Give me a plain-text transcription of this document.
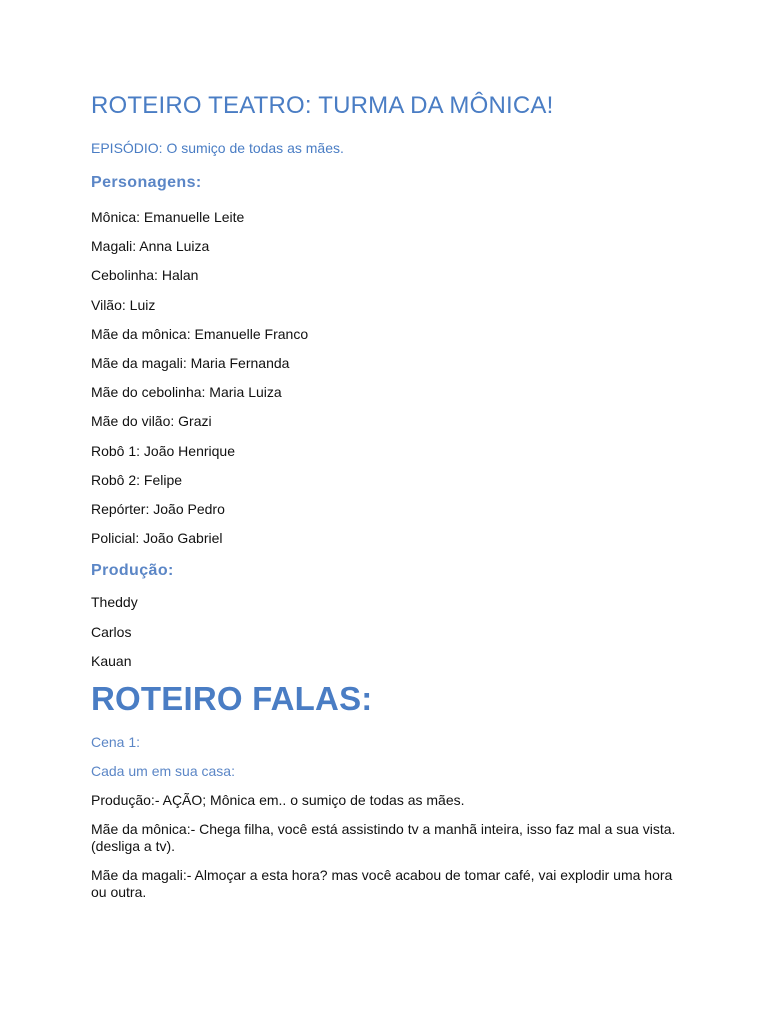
ROTEIRO TEATRO: TURMA DA MÔNICA!
EPISÓDIO: O sumiço de todas as mães.
Personagens:
Mônica: Emanuelle Leite
Magali: Anna Luiza
Cebolinha: Halan
Vilão: Luiz
Mãe da mônica: Emanuelle Franco
Mãe da magali: Maria Fernanda
Mãe do cebolinha: Maria Luiza
Mãe do vilão: Grazi
Robô 1: João Henrique
Robô 2: Felipe
Repórter: João Pedro
Policial: João Gabriel
Produção:
Theddy
Carlos
Kauan
ROTEIRO FALAS:
Cena 1:
Cada um em sua casa:
Produção:- AÇÃO; Mônica em.. o sumiço de todas as mães.
Mãe da mônica:- Chega filha, você está assistindo tv a manhã inteira, isso faz mal a sua vista. (desliga a tv).
Mãe da magali:- Almoçar a esta hora? mas você acabou de tomar café, vai explodir uma hora ou outra.
